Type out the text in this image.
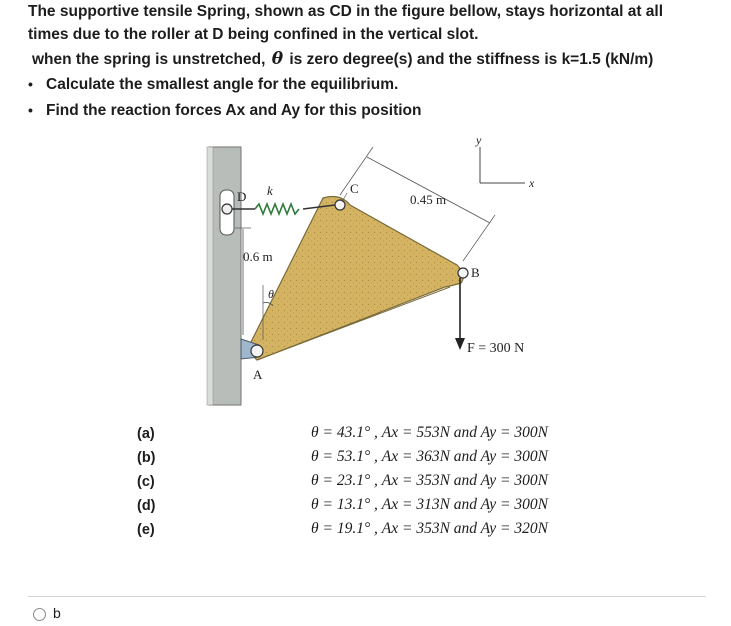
The supportive tensile Spring, shown as CD in the figure bellow, stays horizontal at all

times due to the roller at D being confined in the vertical slot.

when the spring is unstretched, θ is zero degree(s) and the stiffness is k=1.5 (kN/m)

• Calculate the smallest angle for the equilibrium.

• Find the reaction forces Ax and Ay for this position

A
C
D k
0.45 m
B
F = 300 N
y
x
0.6 m
θ
(a)	θ = 43.1° , Ax = 553N and Ay = 300N
(b)	θ = 53.1° , Ax = 363N and Ay = 300N
(c)	θ = 23.1° , Ax = 353N and Ay = 300N
(d)	θ = 13.1° , Ax = 313N and Ay = 300N
(e)	θ = 19.1° , Ax = 353N and Ay = 320N
b
